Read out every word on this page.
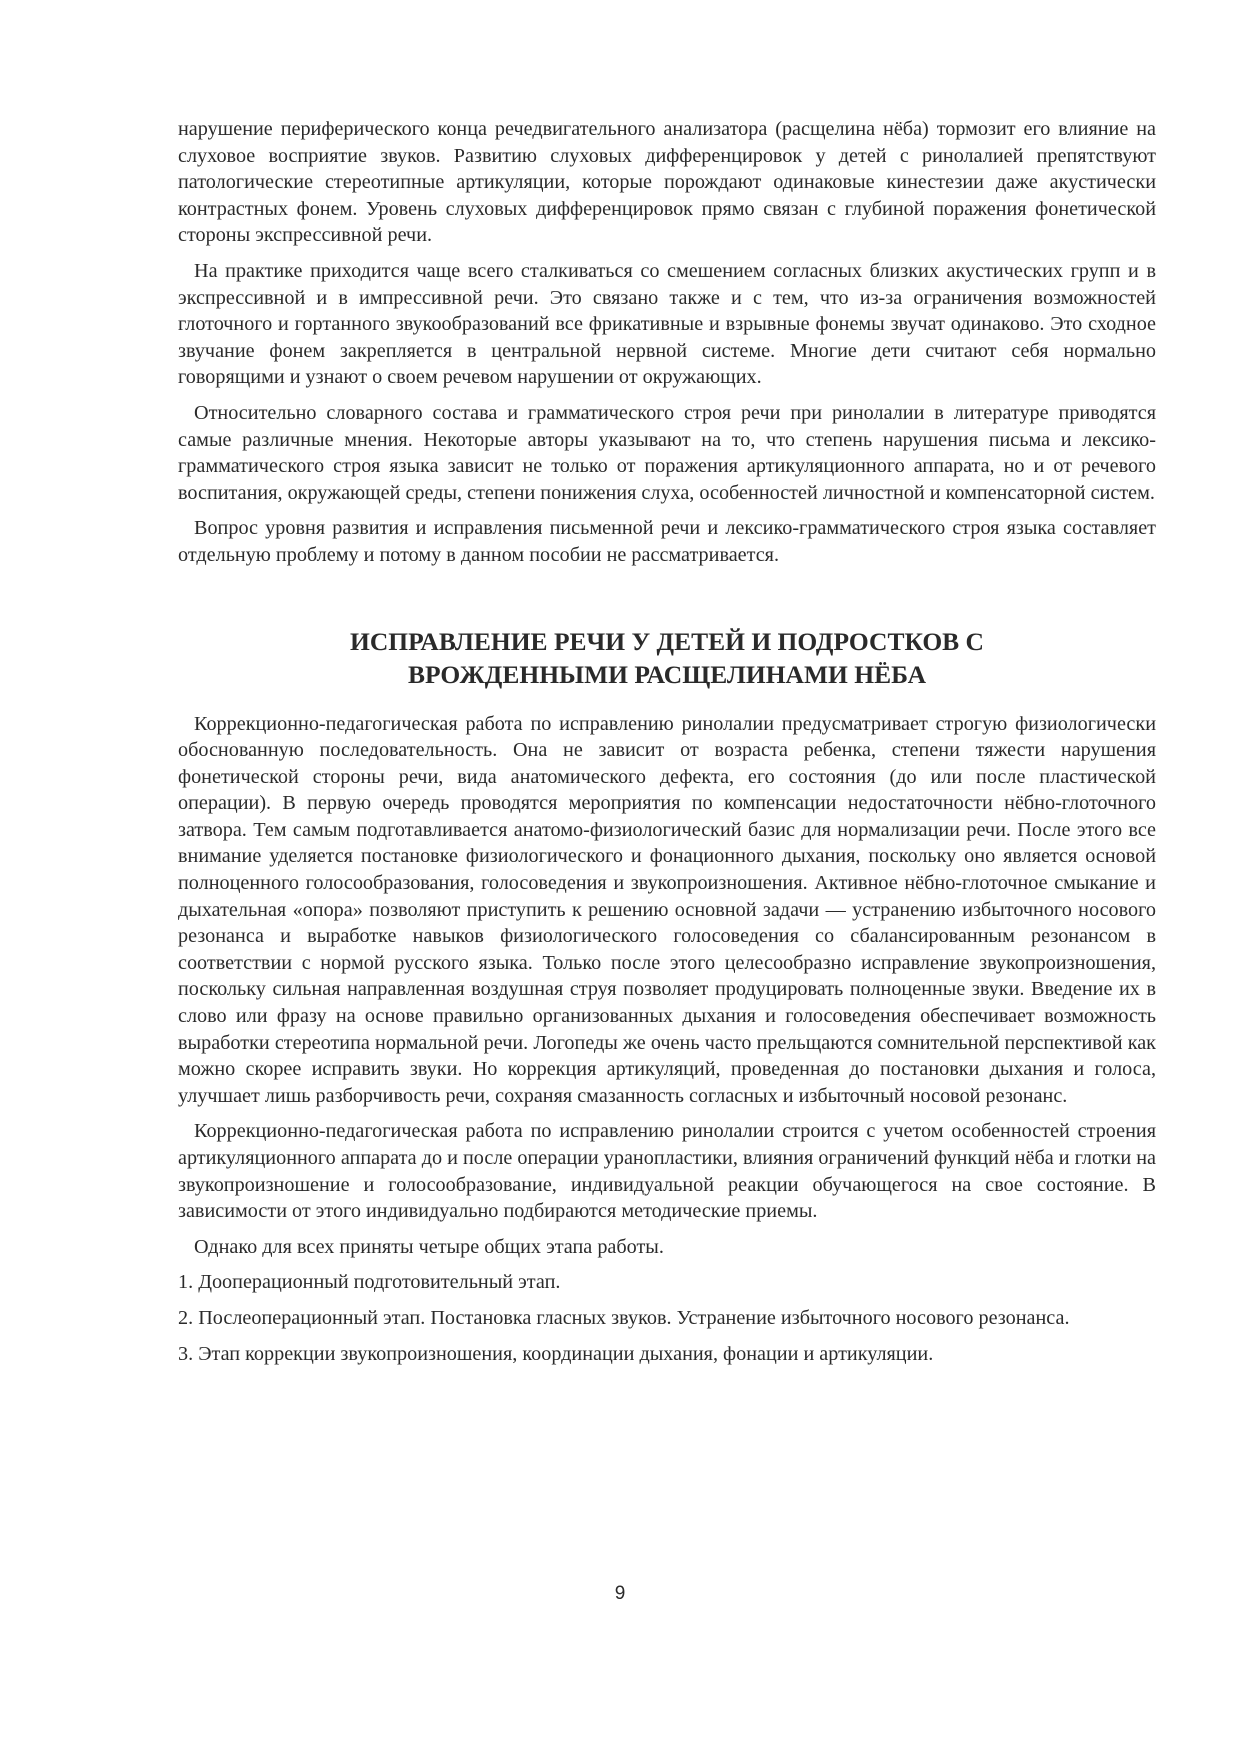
нарушение периферического конца речедвигательного анализатора (расщелина нёба) тормозит его влияние на слуховое восприятие звуков. Развитию слуховых дифференцировок у детей с ринолалией препятствуют патологические стереотипные артикуляции, которые порождают одинаковые кинестезии даже акустически контрастных фонем. Уровень слуховых дифференцировок прямо связан с глубиной поражения фонетической стороны экспрессивной речи.

На практике приходится чаще всего сталкиваться со смешением согласных близких акустических групп и в экспрессивной и в импрессивной речи. Это связано также и с тем, что из-за ограничения возможностей глоточного и гортанного звукообразований все фрикативные и взрывные фонемы звучат одинаково. Это сходное звучание фонем закрепляется в центральной нервной системе. Многие дети считают себя нормально говорящими и узнают о своем речевом нарушении от окружающих.

Относительно словарного состава и грамматического строя речи при ринолалии в литературе приводятся самые различные мнения. Некоторые авторы указывают на то, что степень нарушения письма и лексико-грамматического строя языка зависит не только от поражения артикуляционного аппарата, но и от речевого воспитания, окружающей среды, степени понижения слуха, особенностей личностной и компенсаторной систем.

Вопрос уровня развития и исправления письменной речи и лексико-грамматического строя языка составляет отдельную проблему и потому в данном пособии не рассматривается.

ИСПРАВЛЕНИЕ РЕЧИ У ДЕТЕЙ И ПОДРОСТКОВ С
ВРОЖДЕННЫМИ РАСЩЕЛИНАМИ НЁБА

Коррекционно-педагогическая работа по исправлению ринолалии предусматривает строгую физиологически обоснованную последовательность. Она не зависит от возраста ребенка, степени тяжести нарушения фонетической стороны речи, вида анатомического дефекта, его состояния (до или после пластической операции). В первую очередь проводятся мероприятия по компенсации недостаточности нёбно-глоточного затвора. Тем самым подготавливается анатомо-физиологический базис для нормализации речи. После этого все внимание уделяется постановке физиологического и фонационного дыхания, поскольку оно является основой полноценного голосообразования, голосоведения и звукопроизношения. Активное нёбно-глоточное смыкание и дыхательная «опора» позволяют приступить к решению основной задачи — устранению избыточного носового резонанса и выработке навыков физиологического голосоведения со сбалансированным резонансом в соответствии с нормой русского языка. Только после этого целесообразно исправление звукопроизношения, поскольку сильная направленная воздушная струя позволяет продуцировать полноценные звуки. Введение их в слово или фразу на основе правильно организованных дыхания и голосоведения обеспечивает возможность выработки стереотипа нормальной речи. Логопеды же очень часто прельщаются сомнительной перспективой как можно скорее исправить звуки. Но коррекция артикуляций, проведенная до постановки дыхания и голоса, улучшает лишь разборчивость речи, сохраняя смазанность согласных и избыточный носовой резонанс.

Коррекционно-педагогическая работа по исправлению ринолалии строится с учетом особенностей строения артикуляционного аппарата до и после операции уранопластики, влияния ограничений функций нёба и глотки на звукопроизношение и голосообразование, индивидуальной реакции обучающегося на свое состояние. В зависимости от этого индивидуально подбираются методические приемы.

Однако для всех приняты четыре общих этапа работы.

1. Дооперационный подготовительный этап.

2. Послеоперационный этап. Постановка гласных звуков. Устранение избыточного носового резонанса.

3. Этап коррекции звукопроизношения, координации дыхания, фонации и артикуляции.

9
